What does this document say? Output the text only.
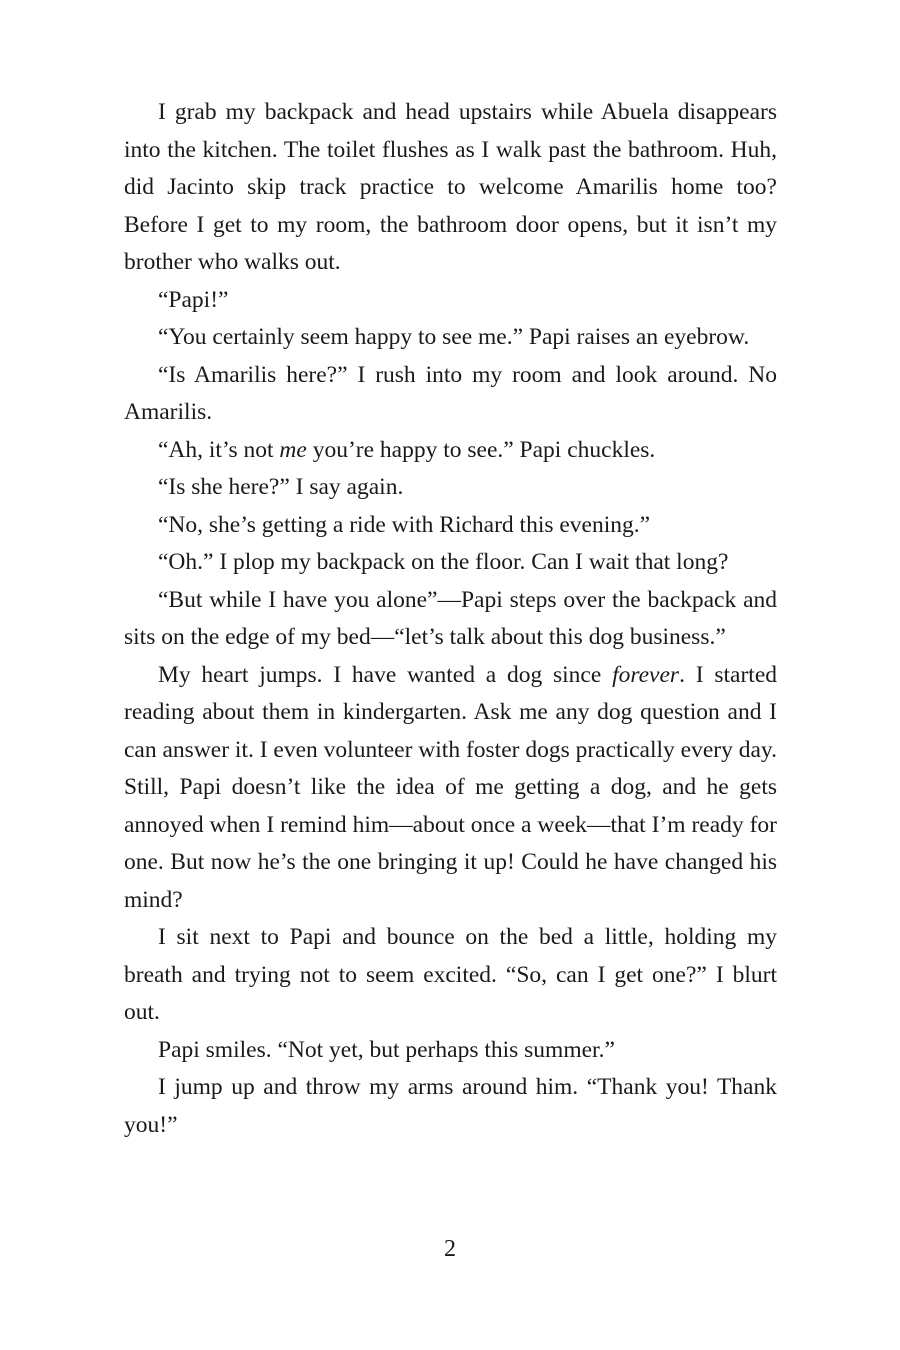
I grab my backpack and head upstairs while Abuela disappears into the kitchen. The toilet flushes as I walk past the bathroom. Huh, did Jacinto skip track practice to welcome Amarilis home too? Before I get to my room, the bathroom door opens, but it isn’t my brother who walks out.

“Papi!”

“You certainly seem happy to see me.” Papi raises an eyebrow.

“Is Amarilis here?” I rush into my room and look around. No Amarilis.

“Ah, it’s not me you’re happy to see.” Papi chuckles.

“Is she here?” I say again.

“No, she’s getting a ride with Richard this evening.”

“Oh.” I plop my backpack on the floor. Can I wait that long?

“But while I have you alone”—Papi steps over the backpack and sits on the edge of my bed—“let’s talk about this dog business.”

My heart jumps. I have wanted a dog since forever. I started reading about them in kindergarten. Ask me any dog question and I can answer it. I even volunteer with foster dogs practically every day. Still, Papi doesn’t like the idea of me getting a dog, and he gets annoyed when I remind him—about once a week—that I’m ready for one. But now he’s the one bringing it up! Could he have changed his mind?

I sit next to Papi and bounce on the bed a little, holding my breath and trying not to seem excited. “So, can I get one?” I blurt out.

Papi smiles. “Not yet, but perhaps this summer.”

I jump up and throw my arms around him. “Thank you! Thank you!”

2
